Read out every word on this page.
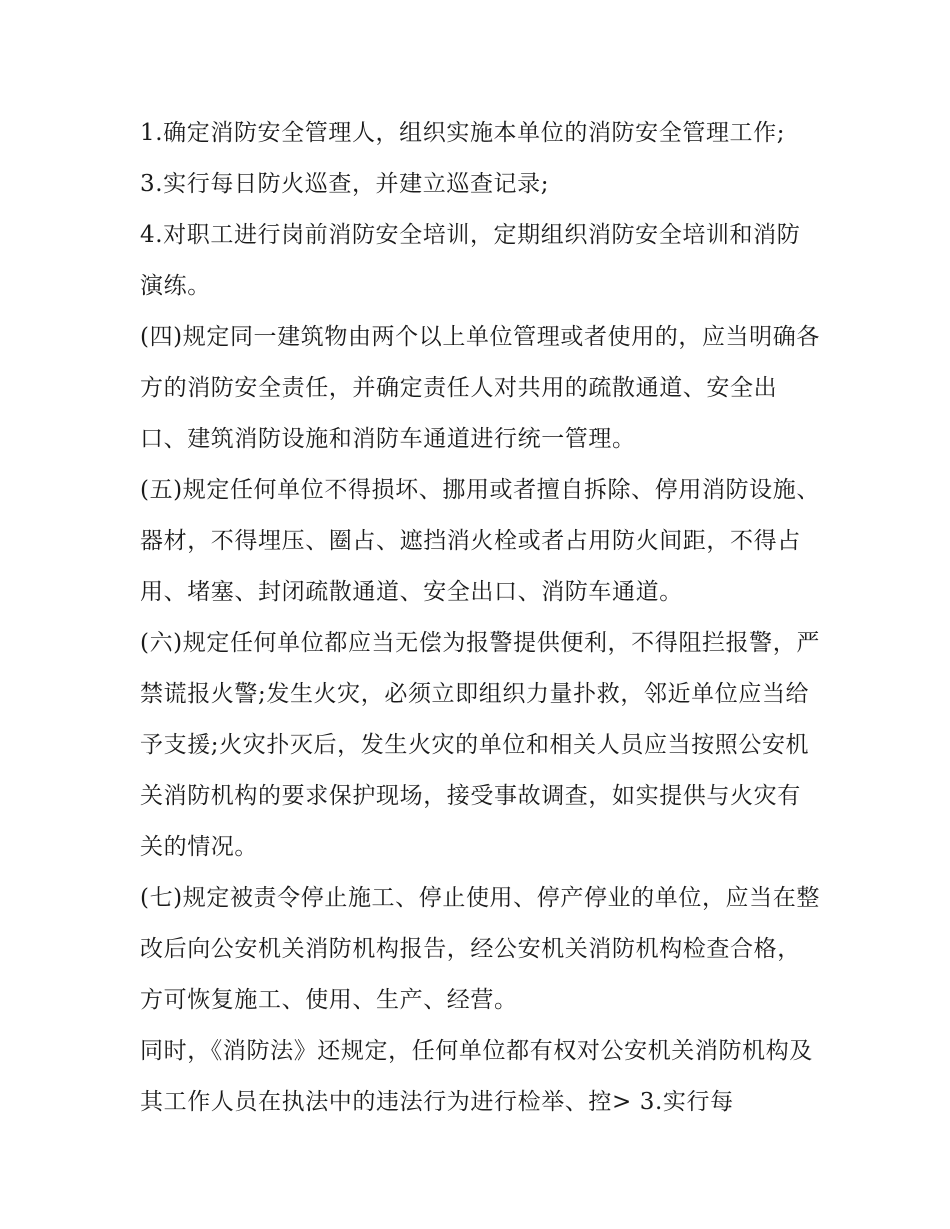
1.确定消防安全管理人，组织实施本单位的消防安全管理工作;

3.实行每日防火巡查，并建立巡查记录;

4.对职工进行岗前消防安全培训，定期组织消防安全培训和消防演练。

(四)规定同一建筑物由两个以上单位管理或者使用的，应当明确各方的消防安全责任，并确定责任人对共用的疏散通道、安全出口、建筑消防设施和消防车通道进行统一管理。

(五)规定任何单位不得损坏、挪用或者擅自拆除、停用消防设施、器材，不得埋压、圈占、遮挡消火栓或者占用防火间距，不得占用、堵塞、封闭疏散通道、安全出口、消防车通道。

(六)规定任何单位都应当无偿为报警提供便利，不得阻拦报警，严禁谎报火警;发生火灾，必须立即组织力量扑救，邻近单位应当给予支援;火灾扑灭后，发生火灾的单位和相关人员应当按照公安机关消防机构的要求保护现场，接受事故调查，如实提供与火灾有关的情况。

(七)规定被责令停止施工、停止使用、停产停业的单位，应当在整改后向公安机关消防机构报告，经公安机关消防机构检查合格，方可恢复施工、使用、生产、经营。

同时，《消防法》还规定，任何单位都有权对公安机关消防机构及其工作人员在执法中的违法行为进行检举、控> 3.实行每
